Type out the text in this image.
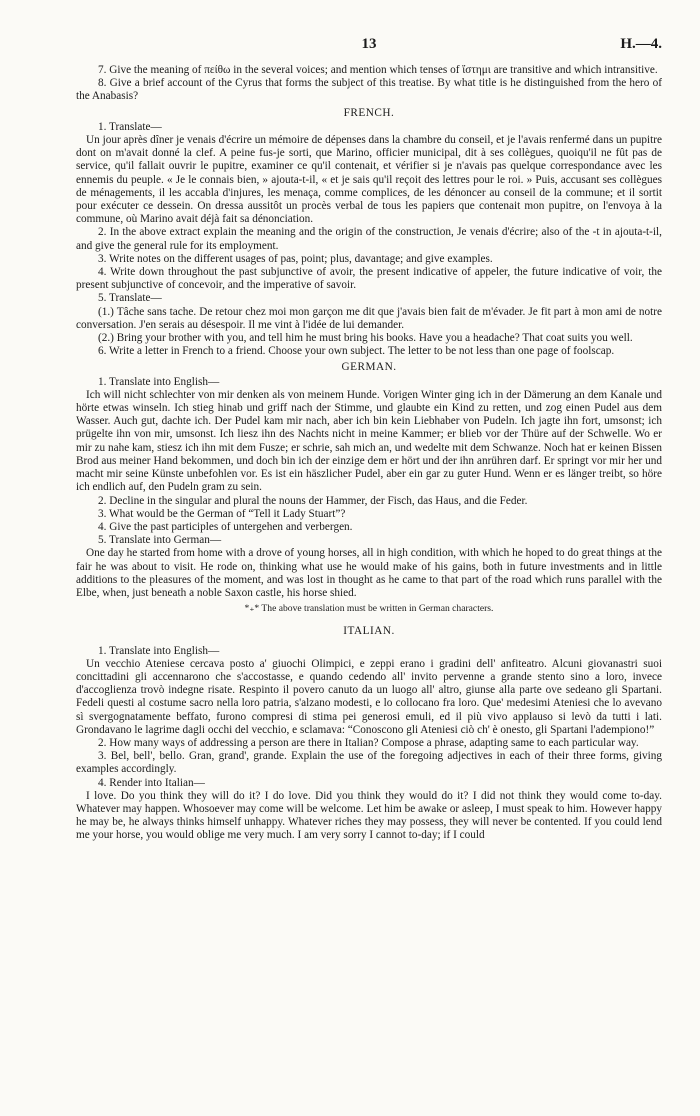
13	H.—4.

7. Give the meaning of πείθω in the several voices; and mention which tenses of ἵστημι are transitive and which intransitive.

8. Give a brief account of the Cyrus that forms the subject of this treatise. By what title is he distinguished from the hero of the Anabasis?

FRENCH.

1. Translate—

Un jour après dîner je venais d'écrire un mémoire de dépenses dans la chambre du conseil, et je l'avais renfermé dans un pupitre dont on m'avait donné la clef. A peine fus-je sorti, que Marino, officier municipal, dit à ses collègues, quoiqu'il ne fût pas de service, qu'il fallait ouvrir le pupitre, examiner ce qu'il contenait, et vérifier si je n'avais pas quelque correspondance avec les ennemis du peuple. « Je le connais bien, » ajouta-t-il, « et je sais qu'il reçoit des lettres pour le roi. » Puis, accusant ses collègues de ménagements, il les accabla d'injures, les menaça, comme complices, de les dénoncer au conseil de la commune; et il sortit pour exécuter ce dessein. On dressa aussitôt un procès verbal de tous les papiers que contenait mon pupitre, on l'envoya à la commune, où Marino avait déjà fait sa dénonciation.

2. In the above extract explain the meaning and the origin of the construction, Je venais d'écrire; also of the -t in ajouta-t-il, and give the general rule for its employment.

3. Write notes on the different usages of pas, point; plus, davantage; and give examples.

4. Write down throughout the past subjunctive of avoir, the present indicative of appeler, the future indicative of voir, the present subjunctive of concevoir, and the imperative of savoir.

5. Translate—

(1.) Tâche sans tache. De retour chez moi mon garçon me dit que j'avais bien fait de m'évader. Je fit part à mon ami de notre conversation. J'en serais au désespoir. Il me vint à l'idée de lui demander.

(2.) Bring your brother with you, and tell him he must bring his books. Have you a headache? That coat suits you well.

6. Write a letter in French to a friend. Choose your own subject. The letter to be not less than one page of foolscap.

GERMAN.

1. Translate into English—

Ich will nicht schlechter von mir denken als von meinem Hunde. Vorigen Winter ging ich in der Dämerung an dem Kanale und hörte etwas winseln. Ich stieg hinab und griff nach der Stimme, und glaubte ein Kind zu retten, und zog einen Pudel aus dem Wasser. Auch gut, dachte ich. Der Pudel kam mir nach, aber ich bin kein Liebhaber von Pudeln. Ich jagte ihn fort, umsonst; ich prügelte ihn von mir, umsonst. Ich liesz ihn des Nachts nicht in meine Kammer; er blieb vor der Thüre auf der Schwelle. Wo er mir zu nahe kam, stiesz ich ihn mit dem Fusze; er schrie, sah mich an, und wedelte mit dem Schwanze. Noch hat er keinen Bissen Brod aus meiner Hand bekommen, und doch bin ich der einzige dem er hört und der ihn anrühren darf. Er springt vor mir her und macht mir seine Künste unbefohlen vor. Es ist ein häszlicher Pudel, aber ein gar zu guter Hund. Wenn er es länger treibt, so höre ich endlich auf, den Pudeln gram zu sein.

2. Decline in the singular and plural the nouns der Hammer, der Fisch, das Haus, and die Feder.

3. What would be the German of “Tell it Lady Stuart”?

4. Give the past participles of untergehen and verbergen.

5. Translate into German—

One day he started from home with a drove of young horses, all in high condition, with which he hoped to do great things at the fair he was about to visit. He rode on, thinking what use he would make of his gains, both in future investments and in little additions to the pleasures of the moment, and was lost in thought as he came to that part of the road which runs parallel with the Elbe, when, just beneath a noble Saxon castle, his horse shied.

*₊* The above translation must be written in German characters.

ITALIAN.

1. Translate into English—

Un vecchio Ateniese cercava posto a' giuochi Olimpici, e zeppi erano i gradini dell' anfiteatro. Alcuni giovanastri suoi concittadini gli accennarono che s'accostasse, e quando cedendo all' invito pervenne a grande stento sino a loro, invece d'accoglienza trovò indegne risate. Respinto il povero canuto da un luogo all' altro, giunse alla parte ove sedeano gli Spartani. Fedeli questi al costume sacro nella loro patria, s'alzano modesti, e lo collocano fra loro. Que' medesimi Ateniesi che lo avevano sì svergognatamente beffato, furono compresi di stima pei generosi emuli, ed il più vivo applauso si levò da tutti i lati. Grondavano le lagrime dagli occhi del vecchio, e sclamava: “Conoscono gli Ateniesi ciò ch' è onesto, gli Spartani l'adempiono!”

2. How many ways of addressing a person are there in Italian? Compose a phrase, adapting same to each particular way.

3. Bel, bell', bello. Gran, grand', grande. Explain the use of the foregoing adjectives in each of their three forms, giving examples accordingly.

4. Render into Italian—

I love. Do you think they will do it? I do love. Did you think they would do it? I did not think they would come to-day. Whatever may happen. Whosoever may come will be welcome. Let him be awake or asleep, I must speak to him. However happy he may be, he always thinks himself unhappy. Whatever riches they may possess, they will never be contented. If you could lend me your horse, you would oblige me very much. I am very sorry I cannot to-day; if I could
